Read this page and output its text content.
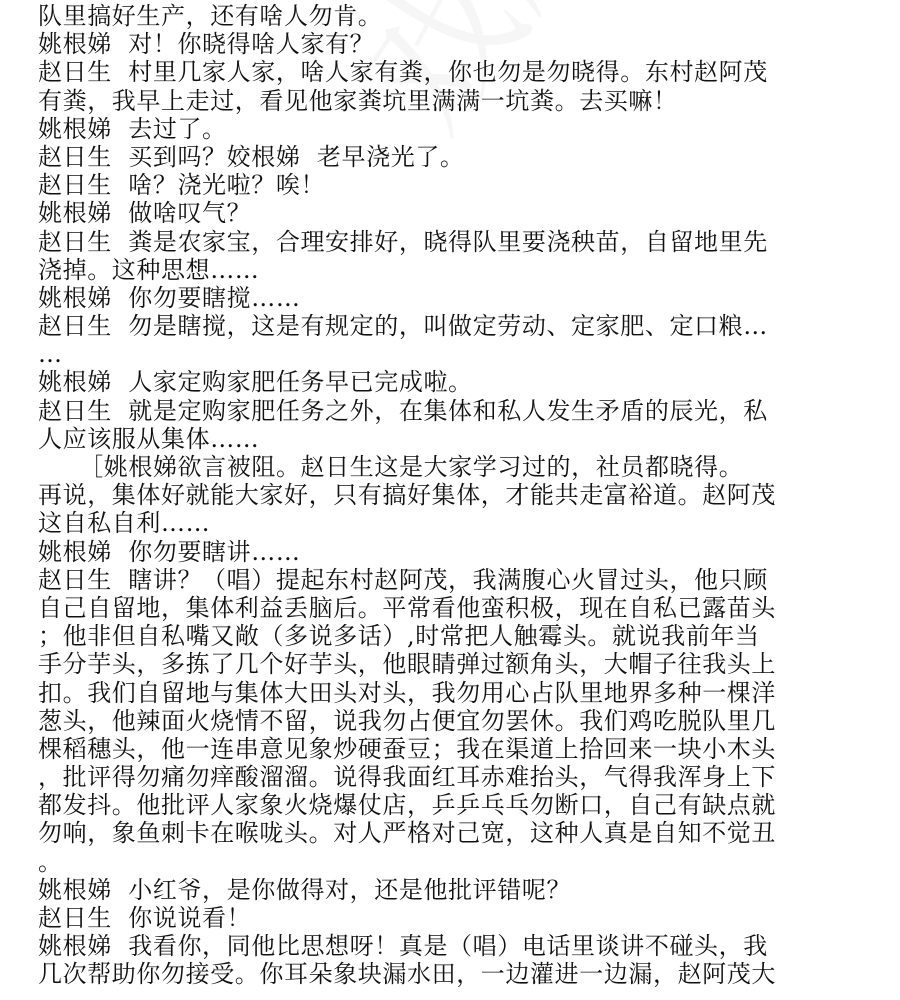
队里搞好生产，还有啥人勿肯。
姚根娣  对！你晓得啥人家有？
赵日生  村里几家人家，啥人家有粪，你也勿是勿晓得。东村赵阿茂
有粪，我早上走过，看见他家粪坑里满满一坑粪。去买嘛！
姚根娣  去过了。
赵日生  买到吗？姣根娣  老早浇光了。
赵日生  啥？浇光啦？唉！
姚根娣  做啥叹气？
赵日生  粪是农家宝，合理安排好，晓得队里要浇秧苗，自留地里先
浇掉。这种思想……
姚根娣  你勿要瞎搅……
赵日生  勿是瞎搅，这是有规定的，叫做定劳动、定家肥、定口粮…
…
姚根娣  人家定购家肥任务早已完成啦。
赵日生  就是定购家肥任务之外，在集体和私人发生矛盾的辰光，私
人应该服从集体……
［姚根娣欲言被阻。赵日生这是大家学习过的，社员都晓得。
再说，集体好就能大家好，只有搞好集体，才能共走富裕道。赵阿茂
这自私自利……
姚根娣  你勿要瞎讲……
赵日生  瞎讲？（唱）提起东村赵阿茂，我满腹心火冒过头，他只顾
自己自留地，集体利益丢脑后。平常看他蛮积极，现在自私已露苗头
；他非但自私嘴又敞（多说多话）,时常把人触霉头。就说我前年当
手分芋头，多拣了几个好芋头，他眼睛弹过额角头，大帽子往我头上
扣。我们自留地与集体大田头对头，我勿用心占队里地界多种一棵洋
葱头，他辣面火烧情不留，说我勿占便宜勿罢休。我们鸡吃脱队里几
棵稻穗头，他一连串意见象炒硬蚕豆；我在渠道上拾回来一块小木头
，批评得勿痛勿痒酸溜溜。说得我面红耳赤难抬头，气得我浑身上下
都发抖。他批评人家象火烧爆仗店，乒乒乓乓勿断口，自己有缺点就
勿响，象鱼刺卡在喉咙头。对人严格对己宽，这种人真是自知不觉丑
。
姚根娣  小红爷，是你做得对，还是他批评错呢？
赵日生  你说说看！
姚根娣  我看你，同他比思想呀！真是（唱）电话里谈讲不碰头，我
几次帮助你勿接受。你耳朵象块漏水田，一边灌进一边漏，赵阿茂大
